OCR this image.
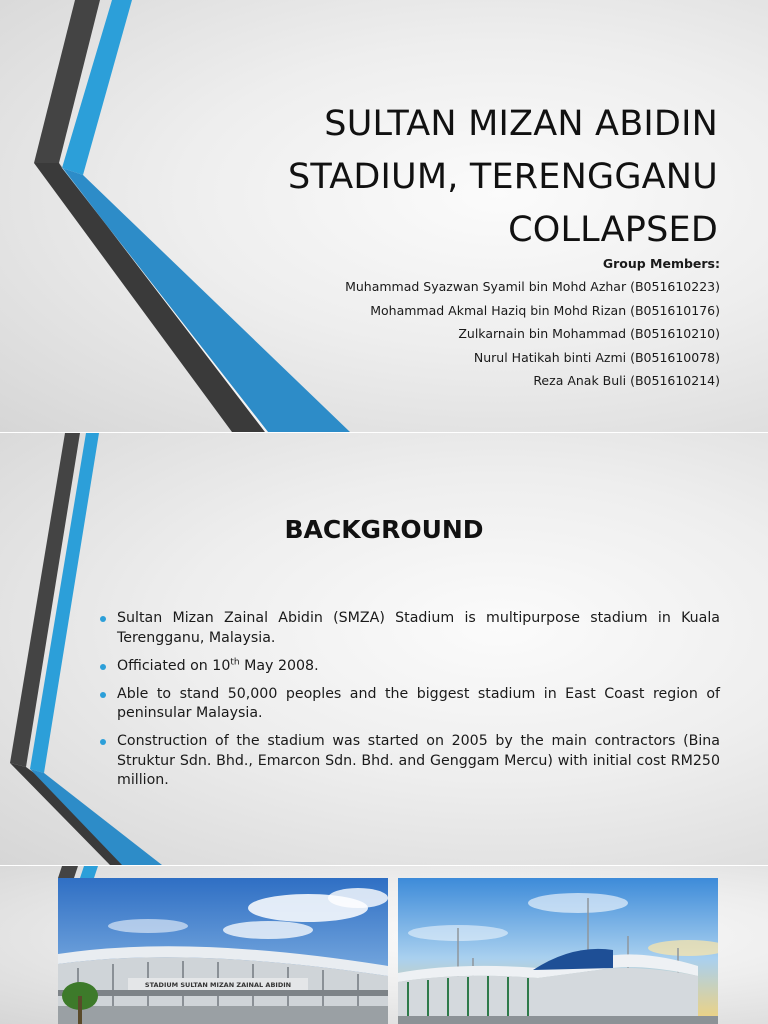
SULTAN MIZAN ABIDIN
STADIUM, TERENGGANU
COLLAPSED
Group Members:
Muhammad Syazwan Syamil bin Mohd Azhar (B051610223)
Mohammad Akmal Haziq bin Mohd Rizan (B051610176)
Zulkarnain bin Mohammad (B051610210)
Nurul Hatikah binti Azmi (B051610078)
Reza Anak Buli (B051610214)
BACKGROUND
Sultan Mizan Zainal Abidin (SMZA) Stadium is multipurpose stadium in Kuala Terengganu, Malaysia.
Officiated on 10th May 2008.
Able to stand 50,000 peoples and the biggest stadium in East Coast region of peninsular Malaysia.
Construction of the stadium was started on 2005 by the main contractors (Bina Struktur Sdn. Bhd., Emarcon Sdn. Bhd. and Genggam Mercu) with initial cost RM250 million.
STADIUM SULTAN MIZAN ZAINAL ABIDIN
